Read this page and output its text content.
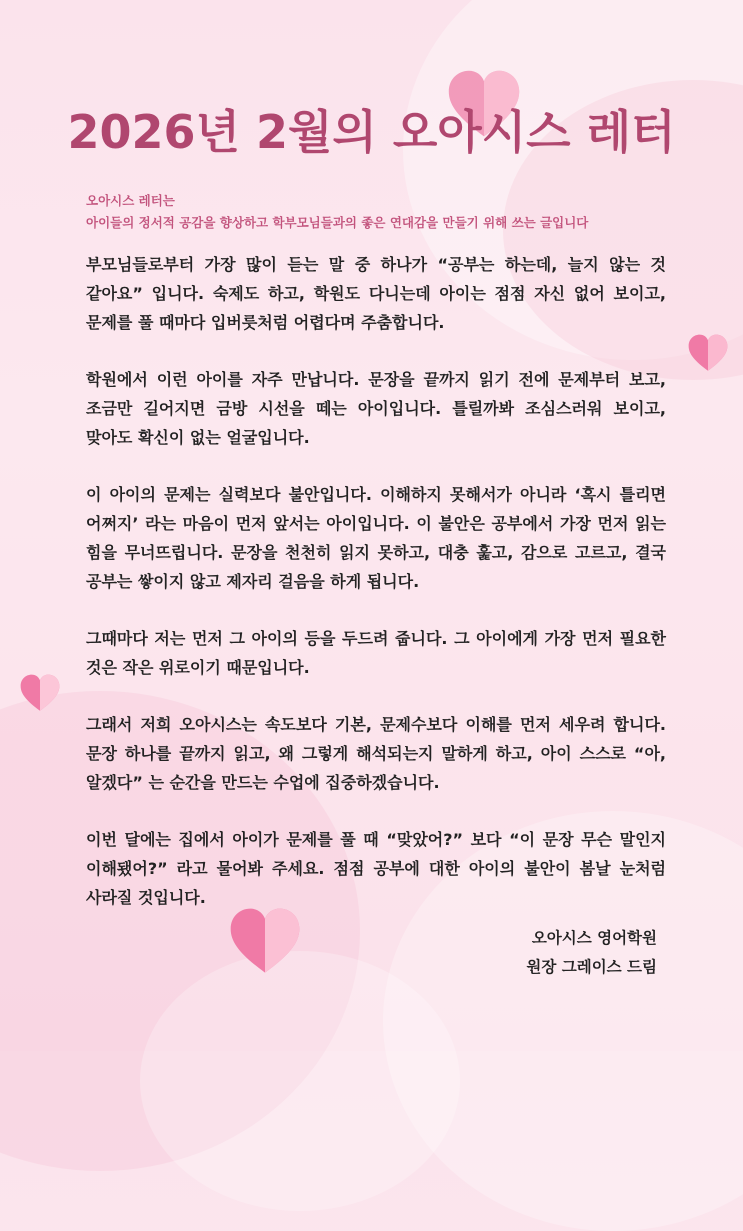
2026년 2월의 오아시스 레터
오아시스 레터는
아이들의 정서적 공감을 향상하고 학부모님들과의 좋은 연대감을 만들기 위해 쓰는 글입니다

부모님들로부터 가장 많이 듣는 말 중 하나가 “공부는 하는데, 늘지 않는 것 같아요” 입니다. 숙제도 하고, 학원도 다니는데 아이는 점점 자신 없어 보이고, 문제를 풀 때마다 입버릇처럼 어렵다며 주춤합니다.

학원에서 이런 아이를 자주 만납니다. 문장을 끝까지 읽기 전에 문제부터 보고, 조금만 길어지면 금방 시선을 떼는 아이입니다. 틀릴까봐 조심스러워 보이고, 맞아도 확신이 없는 얼굴입니다.

이 아이의 문제는 실력보다 불안입니다. 이해하지 못해서가 아니라 ‘혹시 틀리면 어쩌지’ 라는 마음이 먼저 앞서는 아이입니다. 이 불안은 공부에서 가장 먼저 읽는 힘을 무너뜨립니다. 문장을 천천히 읽지 못하고, 대충 훑고, 감으로 고르고, 결국 공부는 쌓이지 않고 제자리 걸음을 하게 됩니다.

그때마다 저는 먼저 그 아이의 등을 두드려 줍니다. 그 아이에게 가장 먼저 필요한 것은 작은 위로이기 때문입니다.

그래서 저희 오아시스는 속도보다 기본, 문제수보다 이해를 먼저 세우려 합니다. 문장 하나를 끝까지 읽고, 왜 그렇게 해석되는지 말하게 하고, 아이 스스로 “아, 알겠다” 는 순간을 만드는 수업에 집중하겠습니다.

이번 달에는 집에서 아이가 문제를 풀 때 “맞았어?” 보다 “이 문장 무슨 말인지 이해됐어?” 라고 물어봐 주세요. 점점 공부에 대한 아이의 불안이 봄날 눈처럼 사라질 것입니다.

오아시스 영어학원
원장 그레이스 드림
